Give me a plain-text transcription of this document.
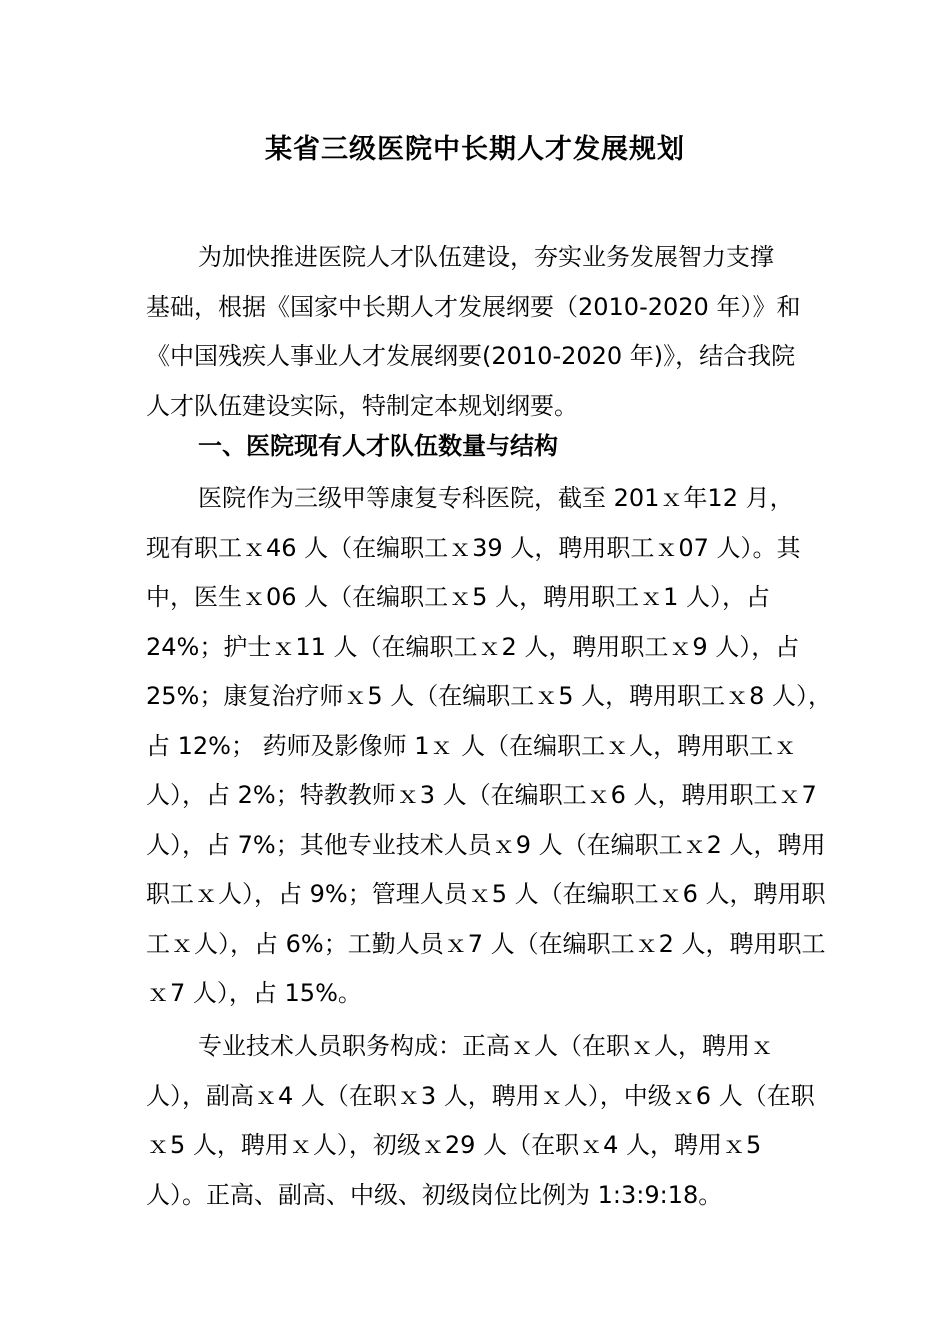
某省三级医院中长期人才发展规划
为加快推进医院人才队伍建设，夯实业务发展智力支撑
基础，根据《国家中长期人才发展纲要（2010-2020 年）》和
《中国残疾人事业人才发展纲要(2010-2020 年)》，结合我院
人才队伍建设实际，特制定本规划纲要。
一、医院现有人才队伍数量与结构
医院作为三级甲等康复专科医院，截至 201ｘ年12 月，
现有职工ｘ46 人（在编职工ｘ39 人，聘用职工ｘ07 人）。其
中，医生ｘ06 人（在编职工ｘ5 人，聘用职工ｘ1 人），占
24%；护士ｘ11 人（在编职工ｘ2 人，聘用职工ｘ9 人），占
25%；康复治疗师ｘ5 人（在编职工ｘ5 人，聘用职工ｘ8 人），
占 12%； 药师及影像师 1ｘ 人（在编职工ｘ人，聘用职工ｘ
人），占 2%；特教教师ｘ3 人（在编职工ｘ6 人，聘用职工ｘ7
人），占 7%；其他专业技术人员ｘ9 人（在编职工ｘ2 人，聘用
职工ｘ人），占 9%；管理人员ｘ5 人（在编职工ｘ6 人，聘用职
工ｘ人），占 6%；工勤人员ｘ7 人（在编职工ｘ2 人，聘用职工
ｘ7 人），占 15%。
专业技术人员职务构成：正高ｘ人（在职ｘ人，聘用ｘ
人），副高ｘ4 人（在职ｘ3 人，聘用ｘ人），中级ｘ6 人（在职
ｘ5 人，聘用ｘ人），初级ｘ29 人（在职ｘ4 人，聘用ｘ5
人）。正高、副高、中级、初级岗位比例为 1:3:9:18。
